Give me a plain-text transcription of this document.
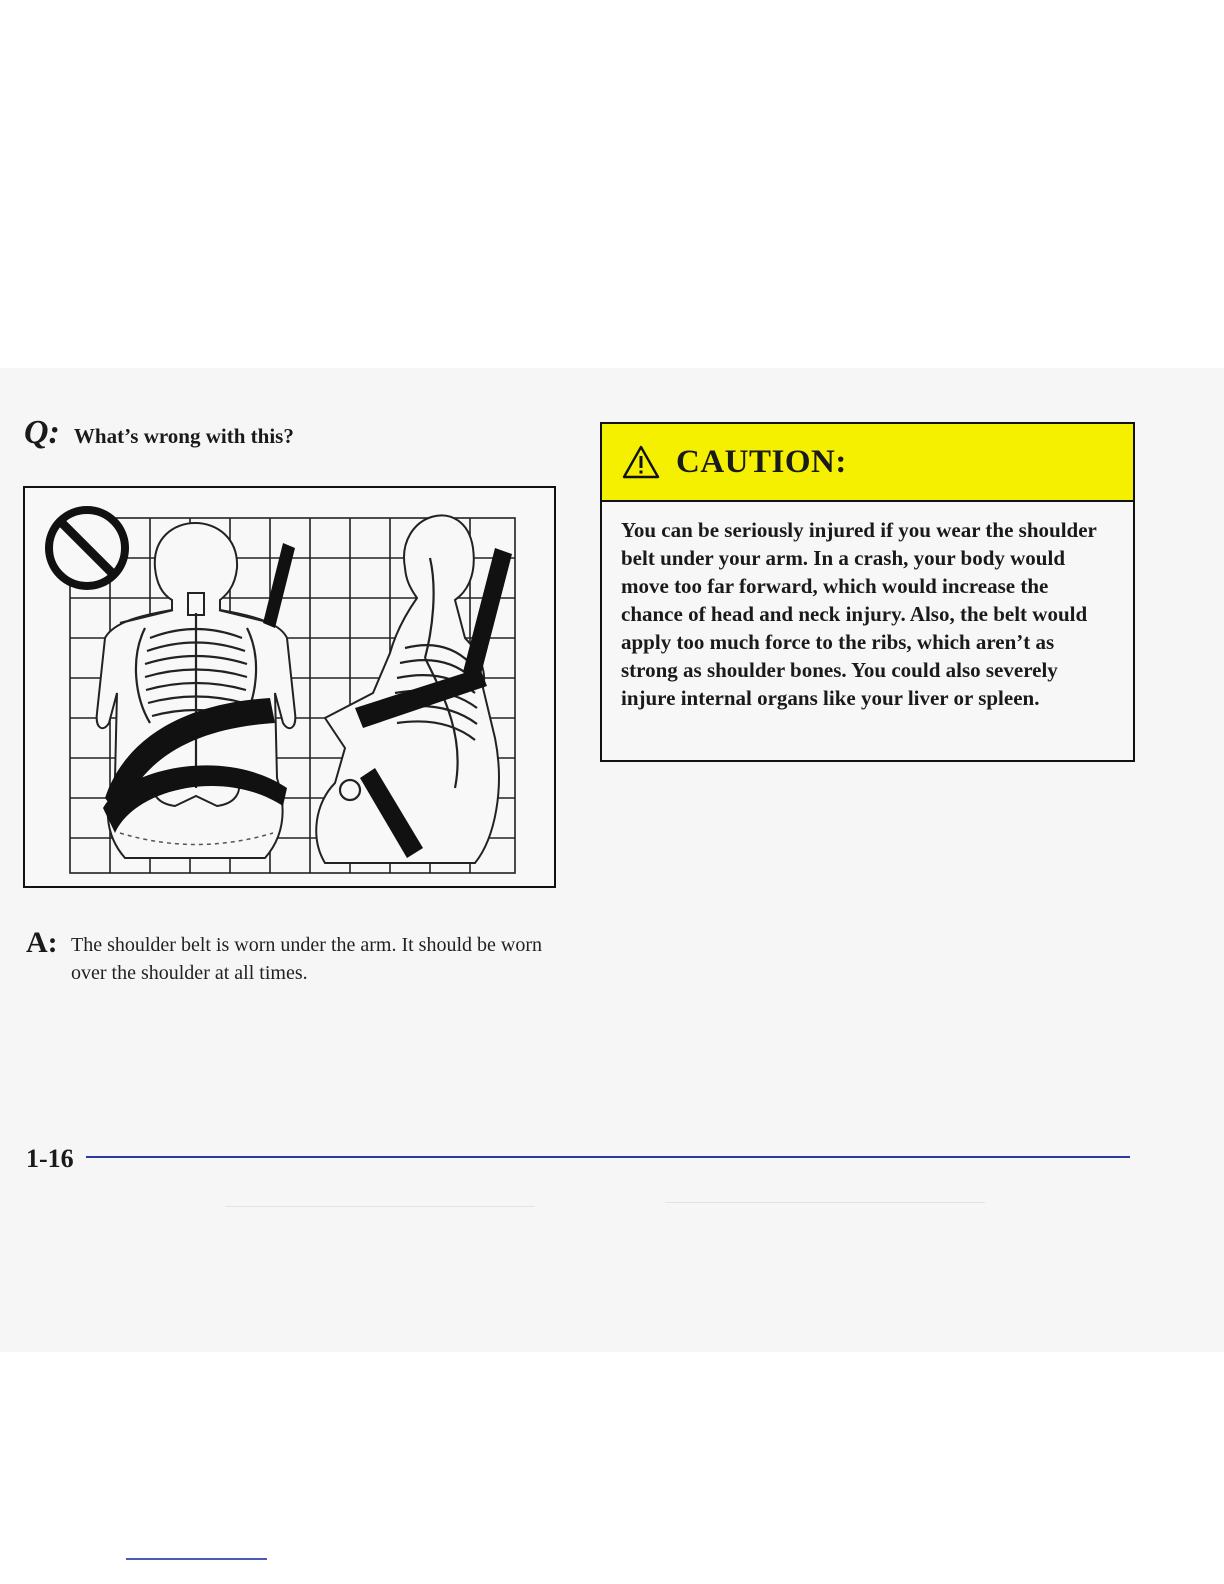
Q: What’s wrong with this?
A: The shoulder belt is worn under the arm. It should be worn over the shoulder at all times.
CAUTION:
You can be seriously injured if you wear the shoulder belt under your arm. In a crash, your body would move too far forward, which would increase the chance of head and neck injury. Also, the belt would apply too much force to the ribs, which aren’t as strong as shoulder bones. You could also severely injure internal organs like your liver or spleen.
1-16
